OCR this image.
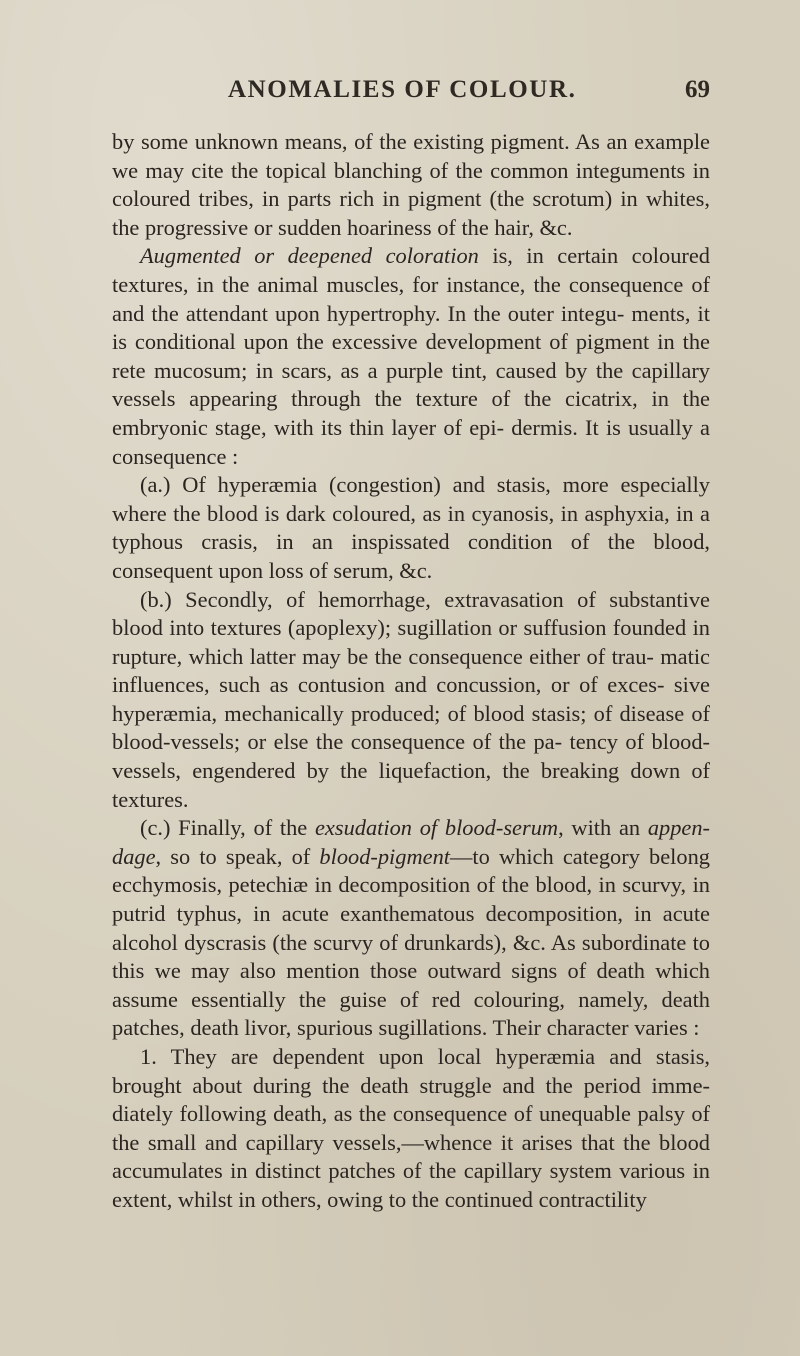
ANOMALIES OF COLOUR.	69

by some unknown means, of the existing pigment. As an example we may cite the topical blanching of the common integuments in coloured tribes, in parts rich in pigment (the scrotum) in whites, the progressive or sudden hoariness of the hair, &c.

Augmented or deepened coloration is, in certain coloured textures, in the animal muscles, for instance, the consequence of and the attendant upon hypertrophy. In the outer integu- ments, it is conditional upon the excessive development of pigment in the rete mucosum; in scars, as a purple tint, caused by the capillary vessels appearing through the texture of the cicatrix, in the embryonic stage, with its thin layer of epi- dermis. It is usually a consequence :

(a.) Of hyperæmia (congestion) and stasis, more especially where the blood is dark coloured, as in cyanosis, in asphyxia, in a typhous crasis, in an inspissated condition of the blood, consequent upon loss of serum, &c.

(b.) Secondly, of hemorrhage, extravasation of substantive blood into textures (apoplexy); sugillation or suffusion founded in rupture, which latter may be the consequence either of trau- matic influences, such as contusion and concussion, or of exces- sive hyperæmia, mechanically produced; of blood stasis; of disease of blood-vessels; or else the consequence of the pa- tency of blood-vessels, engendered by the liquefaction, the breaking down of textures.

(c.) Finally, of the exsudation of blood-serum, with an appen- dage, so to speak, of blood-pigment—to which category belong ecchymosis, petechiæ in decomposition of the blood, in scurvy, in putrid typhus, in acute exanthematous decomposition, in acute alcohol dyscrasis (the scurvy of drunkards), &c. As subordinate to this we may also mention those outward signs of death which assume essentially the guise of red colouring, namely, death patches, death livor, spurious sugillations. Their character varies :

1. They are dependent upon local hyperæmia and stasis, brought about during the death struggle and the period imme- diately following death, as the consequence of unequable palsy of the small and capillary vessels,—whence it arises that the blood accumulates in distinct patches of the capillary system various in extent, whilst in others, owing to the continued contractility
